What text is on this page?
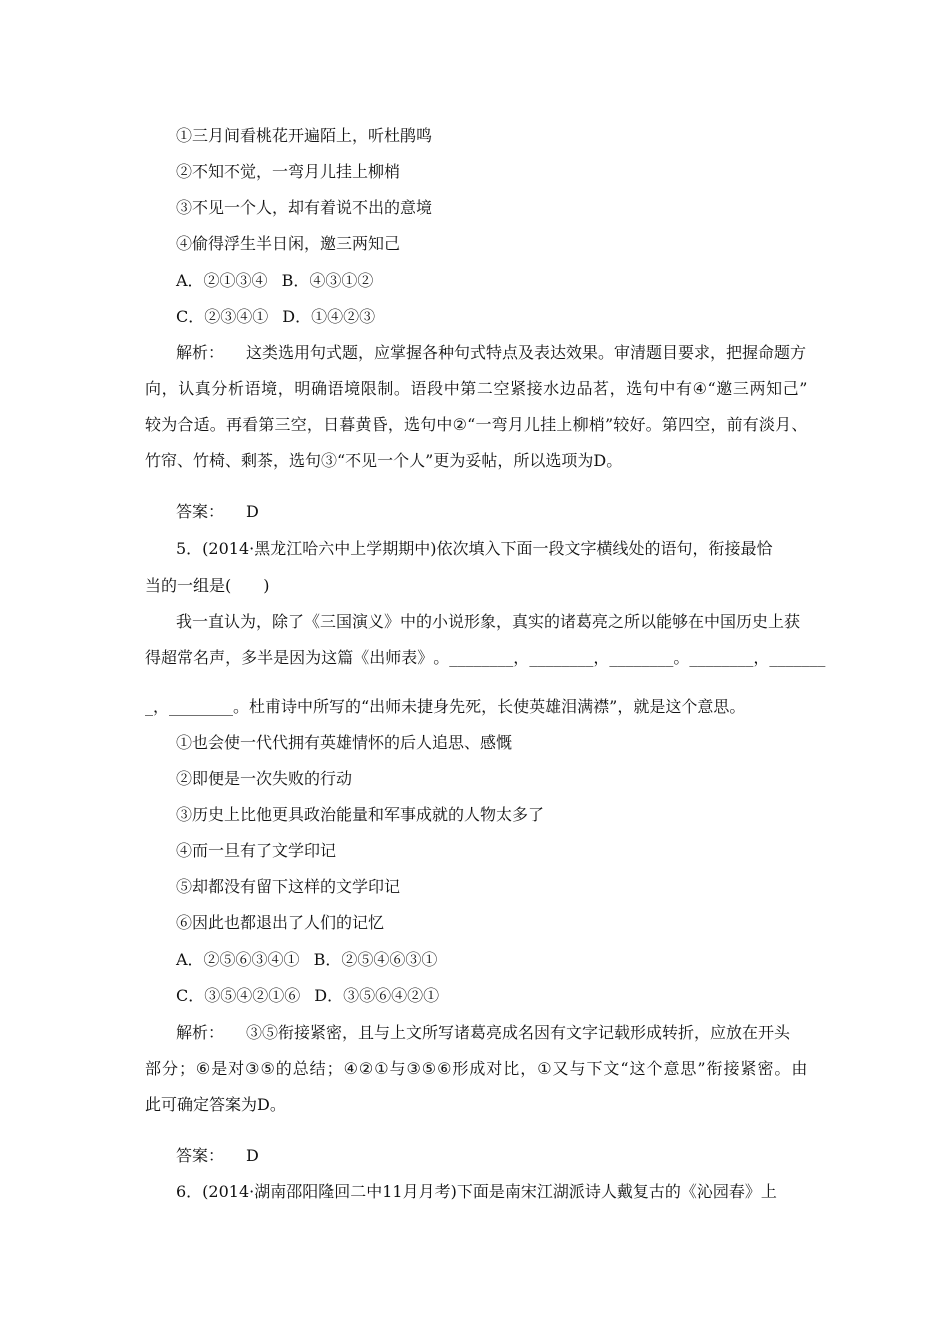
①三月间看桃花开遍陌上，听杜鹃鸣
②不知不觉，一弯月儿挂上柳梢
③不见一个人，却有着说不出的意境
④偷得浮生半日闲，邀三两知己
A．②①③④ B．④③①②
C．②③④① D．①④②③
解析： 这类选用句式题，应掌握各种句式特点及表达效果。审清题目要求，把握命题方
向 ， 认 真 分 析 语 境 ， 明 确 语 境 限 制 。 语 段 中 第 二 空 紧 接 水 边 品 茗 ， 选 句 中 有 ④ “ 邀 三 两 知 己 ”
较 为 合 适 。 再 看 第 三 空 ， 日 暮 黄 昏 ， 选 句 中 ② “ 一 弯 月 儿 挂 上 柳 梢 ” 较 好 。 第 四 空 ， 前 有 淡 月 、
竹帘、竹椅、剩茶，选句③“不见一个人”更为妥帖，所以选项为D。
答案： D
5．(2014·黑龙江哈六中上学期期中)依次填入下面一段文字横线处的语句，衔接最恰
当的一组是(　　)
我一直认为，除了《三国演义》中的小说形象，真实的诸葛亮之所以能够在中国历史上获
得 超 常 名 声 ， 多 半 是 因 为 这 篇 《 出 师 表 》 。 _ _ _ _ _ _ _ _ ， _ _ _ _ _ _ _ _ ， _ _ _ _ _ _ _ _ 。 _ _ _ _ _ _ _ _ ， _ _ _ _ _ _ _
_，________。杜甫诗中所写的“出师未捷身先死，长使英雄泪满襟”，就是这个意思。
①也会使一代代拥有英雄情怀的后人追思、感慨
②即便是一次失败的行动
③历史上比他更具政治能量和军事成就的人物太多了
④而一旦有了文学印记
⑤却都没有留下这样的文学印记
⑥因此也都退出了人们的记忆
A．②⑤⑥③④① B．②⑤④⑥③①
C．③⑤④②①⑥ D．③⑤⑥④②①
解析： ③⑤衔接紧密，且与上文所写诸葛亮成名因有文字记载形成转折，应放在开头
部 分 ； ⑥ 是 对 ③ ⑤ 的 总 结 ； ④ ② ① 与 ③ ⑤ ⑥ 形 成 对 比 ， ① 又 与 下 文 “ 这 个 意 思 ” 衔 接 紧 密 。 由
此可确定答案为D。
答案： D
6．(2014·湖南邵阳隆回二中11月月考)下面是南宋江湖派诗人戴复古的《沁园春》上
